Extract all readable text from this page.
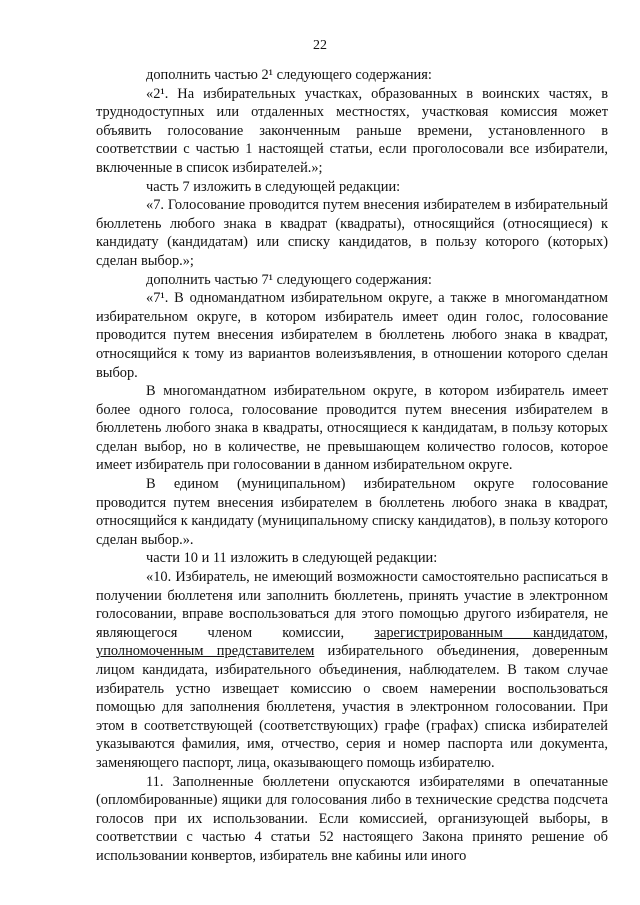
22

дополнить частью 2¹ следующего содержания:

«2¹. На избирательных участках, образованных в воинских частях, в труднодоступных или отдаленных местностях, участковая комиссия может объявить голосование законченным раньше времени, установленного в соответствии с частью 1 настоящей статьи, если проголосовали все избиратели, включенные в список избирателей.»;

часть 7 изложить в следующей редакции:

«7. Голосование проводится путем внесения избирателем в избирательный бюллетень любого знака в квадрат (квадраты), относящийся (относящиеся) к кандидату (кандидатам) или списку кандидатов, в пользу которого (которых) сделан выбор.»;

дополнить частью 7¹ следующего содержания:

«7¹. В одномандатном избирательном округе, а также в многомандатном избирательном округе, в котором избиратель имеет один голос, голосование проводится путем внесения избирателем в бюллетень любого знака в квадрат, относящийся к тому из вариантов волеизъявления, в отношении которого сделан выбор.

В многомандатном избирательном округе, в котором избиратель имеет более одного голоса, голосование проводится путем внесения избирателем в бюллетень любого знака в квадраты, относящиеся к кандидатам, в пользу которых сделан выбор, но в количестве, не превышающем количество голосов, которое имеет избиратель при голосовании в данном избирательном округе.

В едином (муниципальном) избирательном округе голосование проводится путем внесения избирателем в бюллетень любого знака в квадрат, относящийся к кандидату (муниципальному списку кандидатов), в пользу которого сделан выбор.».

части 10 и 11 изложить в следующей редакции:

«10. Избиратель, не имеющий возможности самостоятельно расписаться в получении бюллетеня или заполнить бюллетень, принять участие в электронном голосовании, вправе воспользоваться для этого помощью другого избирателя, не являющегося членом комиссии, зарегистрированным кандидатом, уполномоченным представителем избирательного объединения, доверенным лицом кандидата, избирательного объединения, наблюдателем. В таком случае избиратель устно извещает комиссию о своем намерении воспользоваться помощью для заполнения бюллетеня, участия в электронном голосовании. При этом в соответствующей (соответствующих) графе (графах) списка избирателей указываются фамилия, имя, отчество, серия и номер паспорта или документа, заменяющего паспорт, лица, оказывающего помощь избирателю.

11. Заполненные бюллетени опускаются избирателями в опечатанные (опломбированные) ящики для голосования либо в технические средства подсчета голосов при их использовании. Если комиссией, организующей выборы, в соответствии с частью 4 статьи 52 настоящего Закона принято решение об использовании конвертов, избиратель вне кабины или иного
